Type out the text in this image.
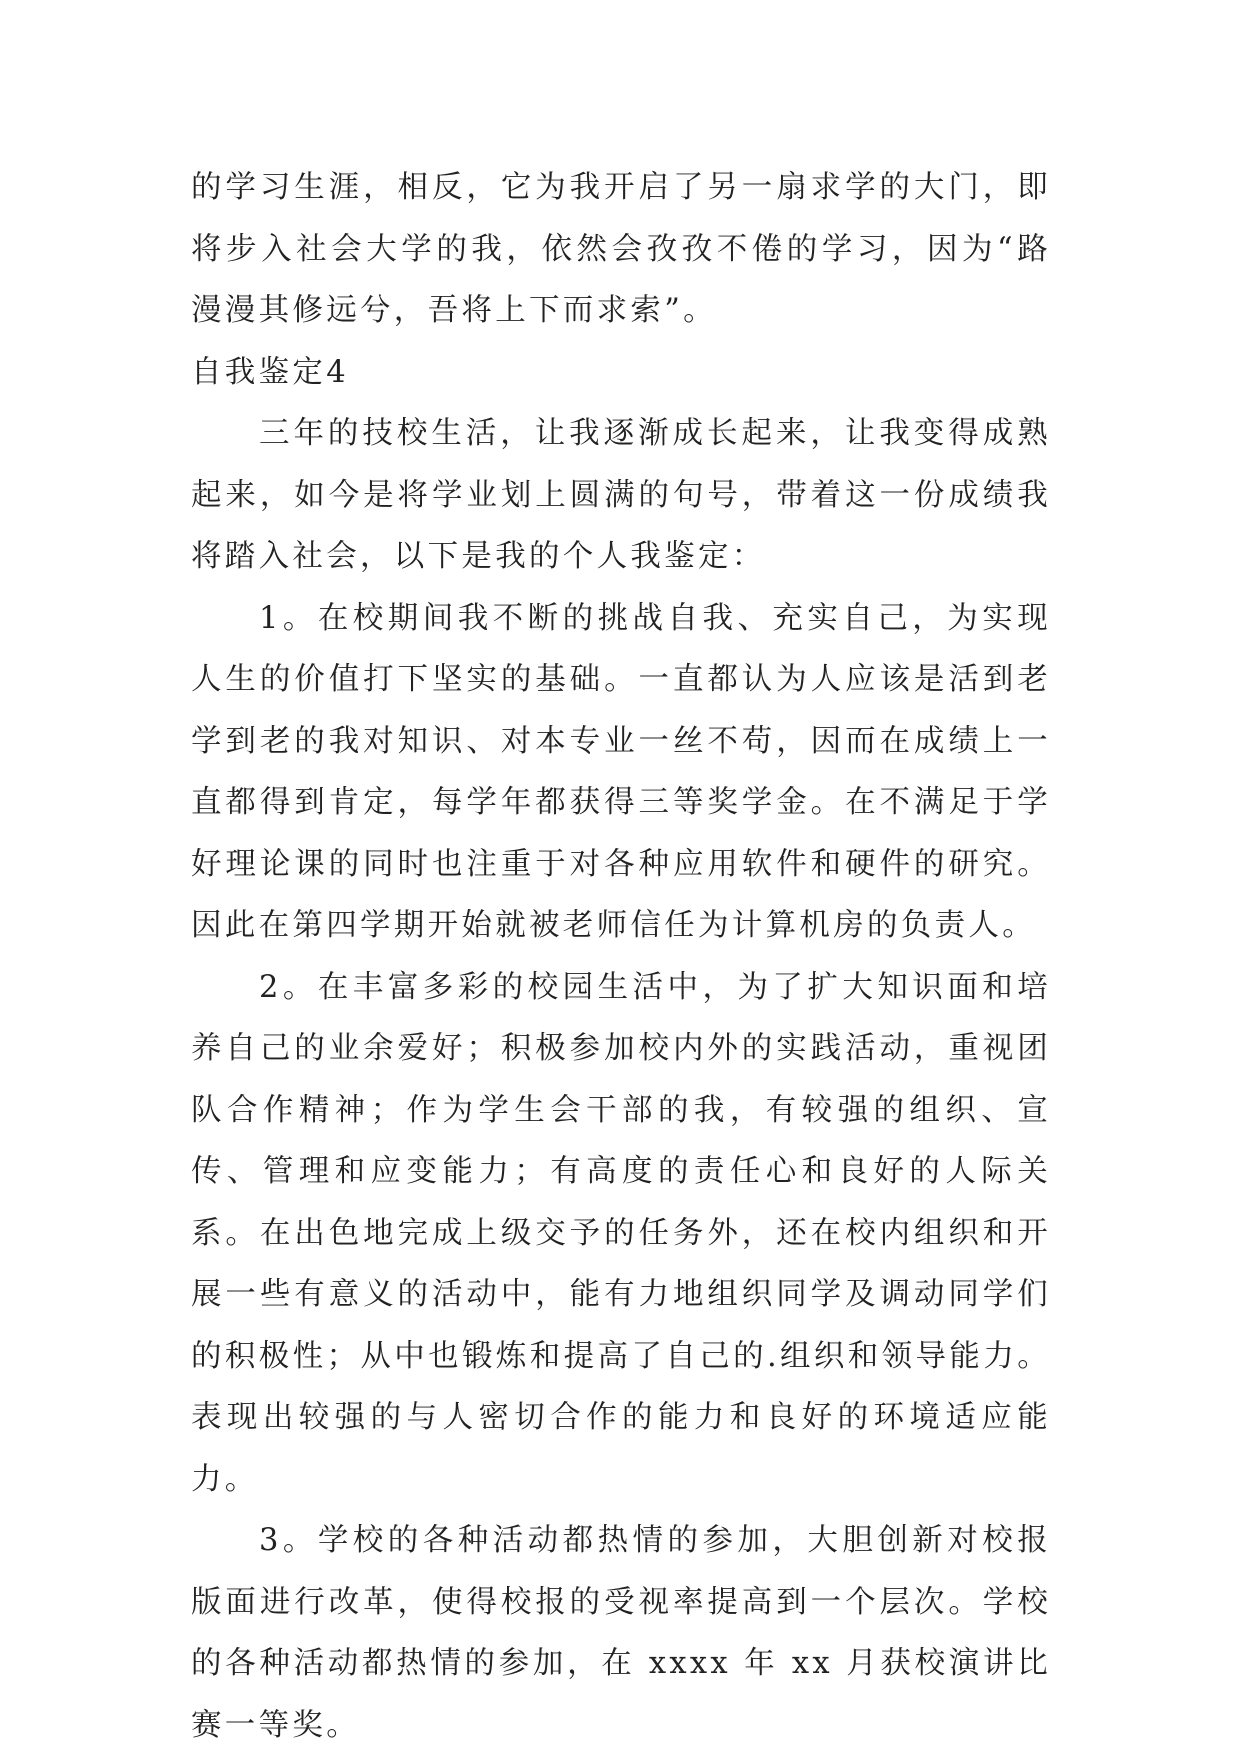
的学习生涯，相反，它为我开启了另一扇求学的大门，即将步入社会大学的我，依然会孜孜不倦的学习，因为“路漫漫其修远兮，吾将上下而求索”。

自我鉴定4

三年的技校生活，让我逐渐成长起来，让我变得成熟起来，如今是将学业划上圆满的句号，带着这一份成绩我将踏入社会，以下是我的个人我鉴定：

1。在校期间我不断的挑战自我、充实自己，为实现人生的价值打下坚实的基础。一直都认为人应该是活到老学到老的我对知识、对本专业一丝不苟，因而在成绩上一直都得到肯定，每学年都获得三等奖学金。在不满足于学好理论课的同时也注重于对各种应用软件和硬件的研究。因此在第四学期开始就被老师信任为计算机房的负责人。

2。在丰富多彩的校园生活中，为了扩大知识面和培养自己的业余爱好；积极参加校内外的实践活动，重视团队合作精神；作为学生会干部的我，有较强的组织、宣传、管理和应变能力；有高度的责任心和良好的人际关系。在出色地完成上级交予的任务外，还在校内组织和开展一些有意义的活动中，能有力地组织同学及调动同学们的积极性；从中也锻炼和提高了自己的.组织和领导能力。表现出较强的与人密切合作的能力和良好的环境适应能力。

3。学校的各种活动都热情的参加，大胆创新对校报版面进行改革，使得校报的受视率提高到一个层次。学校的各种活动都热情的参加，在 xxxx 年 xx 月获校演讲比赛一等奖。
